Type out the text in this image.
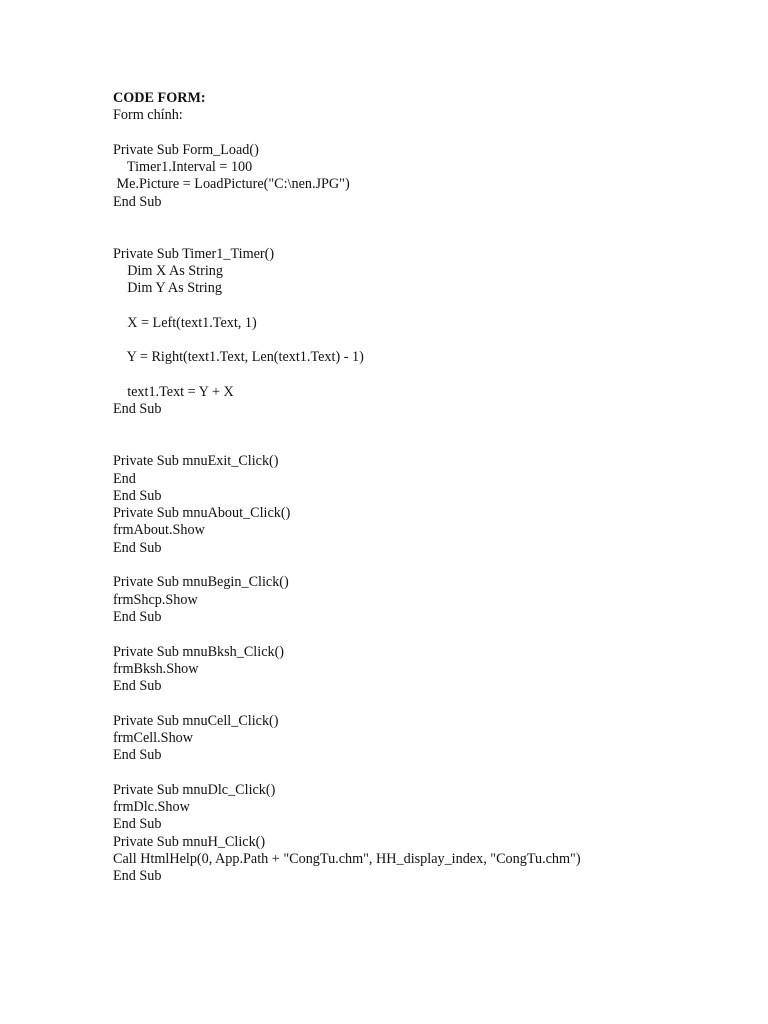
CODE FORM:
Form chính:
Private Sub Form_Load()
Timer1.Interval = 100
Me.Picture = LoadPicture("C:\nen.JPG")
End Sub
Private Sub Timer1_Timer()
Dim X As String
Dim Y As String
X = Left(text1.Text, 1)
Y = Right(text1.Text, Len(text1.Text) - 1)
text1.Text = Y + X
End Sub
Private Sub mnuExit_Click()
End
End Sub
Private Sub mnuAbout_Click()
frmAbout.Show
End Sub
Private Sub mnuBegin_Click()
frmShcp.Show
End Sub
Private Sub mnuBksh_Click()
frmBksh.Show
End Sub
Private Sub mnuCell_Click()
frmCell.Show
End Sub
Private Sub mnuDlc_Click()
frmDlc.Show
End Sub
Private Sub mnuH_Click()
Call HtmlHelp(0, App.Path + "CongTu.chm", HH_display_index, "CongTu.chm")
End Sub
